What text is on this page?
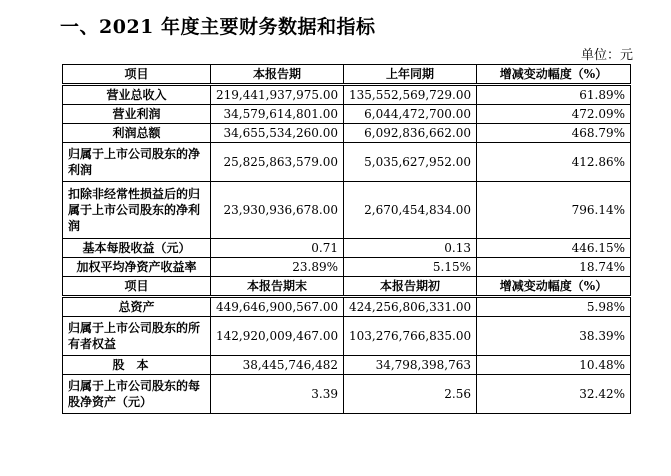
一、2021 年度主要财务数据和指标
单位：元
项目	本报告期	上年同期	增减变动幅度（%）
营业总收入	219,441,937,975.00	135,552,569,729.00	61.89%
营业利润	34,579,614,801.00	6,044,472,700.00	472.09%
利润总额	34,655,534,260.00	6,092,836,662.00	468.79%
归属于上市公司股东的净利润	25,825,863,579.00	5,035,627,952.00	412.86%
扣除非经常性损益后的归属于上市公司股东的净利润	23,930,936,678.00	2,670,454,834.00	796.14%
基本每股收益（元）	0.71	0.13	446.15%
加权平均净资产收益率	23.89%	5.15%	18.74%
项目	本报告期末	本报告期初	增减变动幅度（%）
总资产	449,646,900,567.00	424,256,806,331.00	5.98%
归属于上市公司股东的所有者权益	142,920,009,467.00	103,276,766,835.00	38.39%
股本	38,445,746,482	34,798,398,763	10.48%
归属于上市公司股东的每股净资产（元）	3.39	2.56	32.42%
